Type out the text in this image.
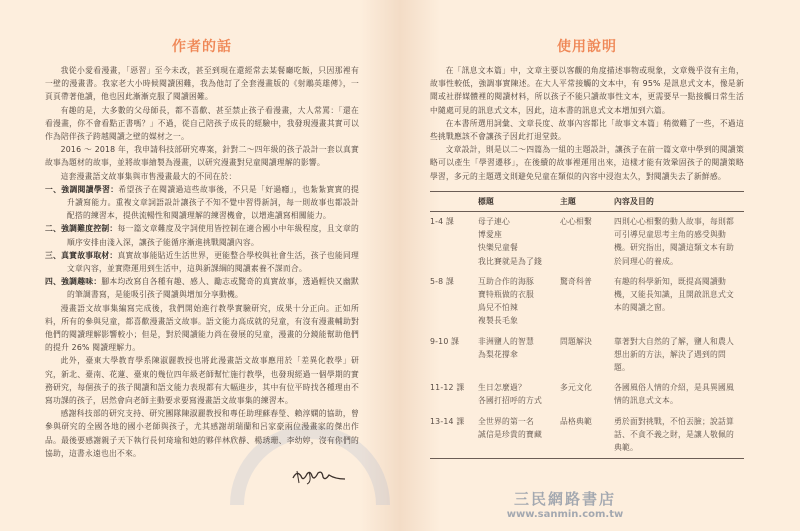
作者的話

我從小愛看漫畫，「惡習」至今未改，甚至到現在還經常去某餐廳吃飯，只因那裡有一壁的漫畫書。我家老大小時候閱讀困難，我為他訂了全套漫畫版的《射鵰英雄傳》，一頁頁帶著他讀，他也因此漸漸克服了閱讀困難。

有趣的是，大多數的父母師長，都不喜歡、甚至禁止孩子看漫畫，大人常罵：「還在看漫畫，你不會看點正書嗎？」不過，從自己陪孩子成長的經驗中，我發現漫畫其實可以作為陪伴孩子跨越閱讀之壁的媒材之一。

2016 ～ 2018 年，我申請科技部研究專案，針對二～四年級的孩子設計一套以真實故事為題材的故事，並將故事繪製為漫畫，以研究漫畫對兒童閱讀理解的影響。

這套漫畫語文故事集與市售漫畫最大的不同在於：

一、強調閱讀學習：希望孩子在閱讀過這些故事後，不只是「好過癮」，也紮紮實實的提升讀寫能力。重複文章詞語設計讓孩子不知不覺中習得新詞，每一則故事也都設計配搭的練習本，提供流暢性和閱讀理解的練習機會，以增進讀寫相關能力。
二、強調難度控制：每一篇文章難度及字詞使用皆控制在適合國小中年級程度，且文章的順序安排由淺入深，讓孩子能循序漸進挑戰閱讀內容。
三、真實故事取材：真實故事能貼近生活世界，更能整合學校與社會生活，孩子也能同理文章內容，並實際運用到生活中，這與新課綱的閱讀素養不謀而合。
四、強調趣味：腳本均改寫自各種有趣、感人、勵志或驚奇的真實故事，透過輕快又幽默的筆調書寫，是能吸引孩子閱讀與增加分享動機。

漫畫語文故事集編寫完成後，我們開始進行教學實驗研究，成果十分正向。正如所料，所有的參與兒童，都喜歡漫畫語文故事。語文能力高成就的兒童，有沒有漫畫輔助對他們的閱讀理解影響較小；但是，對於閱讀能力尚在發展的兒童，漫畫的分鏡能幫助他們的提升 26% 閱讀理解力。

此外，臺東大學教育學系陳淑麗教授也將此漫畫語文故事應用於「差異化教學」研究，新北、臺南、花蓮、臺東的幾位四年級老師幫忙施行教學，也發現經過一個學期的實務研究，每個孩子的孩子閱讀和語文能力表現都有大幅進步，其中有位平時找各種理由不寫功課的孩子，居然會向老師主動要求要寫漫畫語文故事集的練習本。

感謝科技部的研究支持、研究團隊陳淑麗教授和專任助理蘇春瑩、賴淳嫻的協助，曾參與研究的全國各地的國小老師與孩子，尤其感謝胡瑞蘭和呂家豪兩位漫畫家的傑出作品。最後要感謝親子天下執行長何琦瑜和她的夥伴林欣靜、楊琇珊、李幼婷，沒有你們的協助，這書永遠也出不來。

使用說明

在「訊息文本篇」中，文章主要以客觀的角度描述事物或現象，文章幾乎沒有主角，故事性較低，強調事實陳述。在大人平常接觸的文本中，有 95% 是訊息式文本，像是新聞或社群媒體裡的閱讀材料，所以孩子不能只讀故事性文本，更需要早一點接觸日常生活中隨處可見的訊息式文本，因此，這本書的訊息式文本增加到六篇。

在本書所選用詞彙、文章長度、故事內容都比「故事文本篇」稍微難了一些，不過這些挑戰應該不會讓孩子因此打退堂鼓。

文章設計，則是以二～四篇為一組的主題設計，讓孩子在前一篇文章中學到的閱讀策略可以產生「學習遷移」，在後續的故事裡運用出來，這樣才能有效鞏固孩子的閱讀策略學習，多元的主題選文則避免兒童在類似的內容中浸泡太久，對閱讀失去了新鮮感。

	標題	主題	內容及目的
1-4 課	母子連心
博愛座
快樂兒童餐
我比賽就是為了錢	心心相繫	四則心心相繫的動人故事，每則都可引導兒童思考主角的感受與動機。研究指出，閱讀這類文本有助於同理心的養成。
5-8 課	互助合作的海豚
寶特瓶做的衣服
鳥兒不怕辣
複製長毛象	驚奇科普	有趣的科學新知，既提高閱讀動機，又能長知識，且開啟訊息式文本的閱讀之窗。
9-10 課	非洲鹽人的智慧
為梨花撐傘	問題解決	靠著對大自然的了解，鹽人和農人想出新的方法，解決了遇到的問題。
11-12 課	生日怎麼過？
各國打招呼的方式	多元文化	各國風俗人情的介紹，是具異國風情的訊息式文本。
13-14 課	全世界的第一名
誠信是珍貴的寶藏	品格典範	勇於面對挑戰，不怕丟臉；說話算話、不貪不義之財，是讓人敬佩的典範。
三民網路書店
www.sanmin.com.tw
